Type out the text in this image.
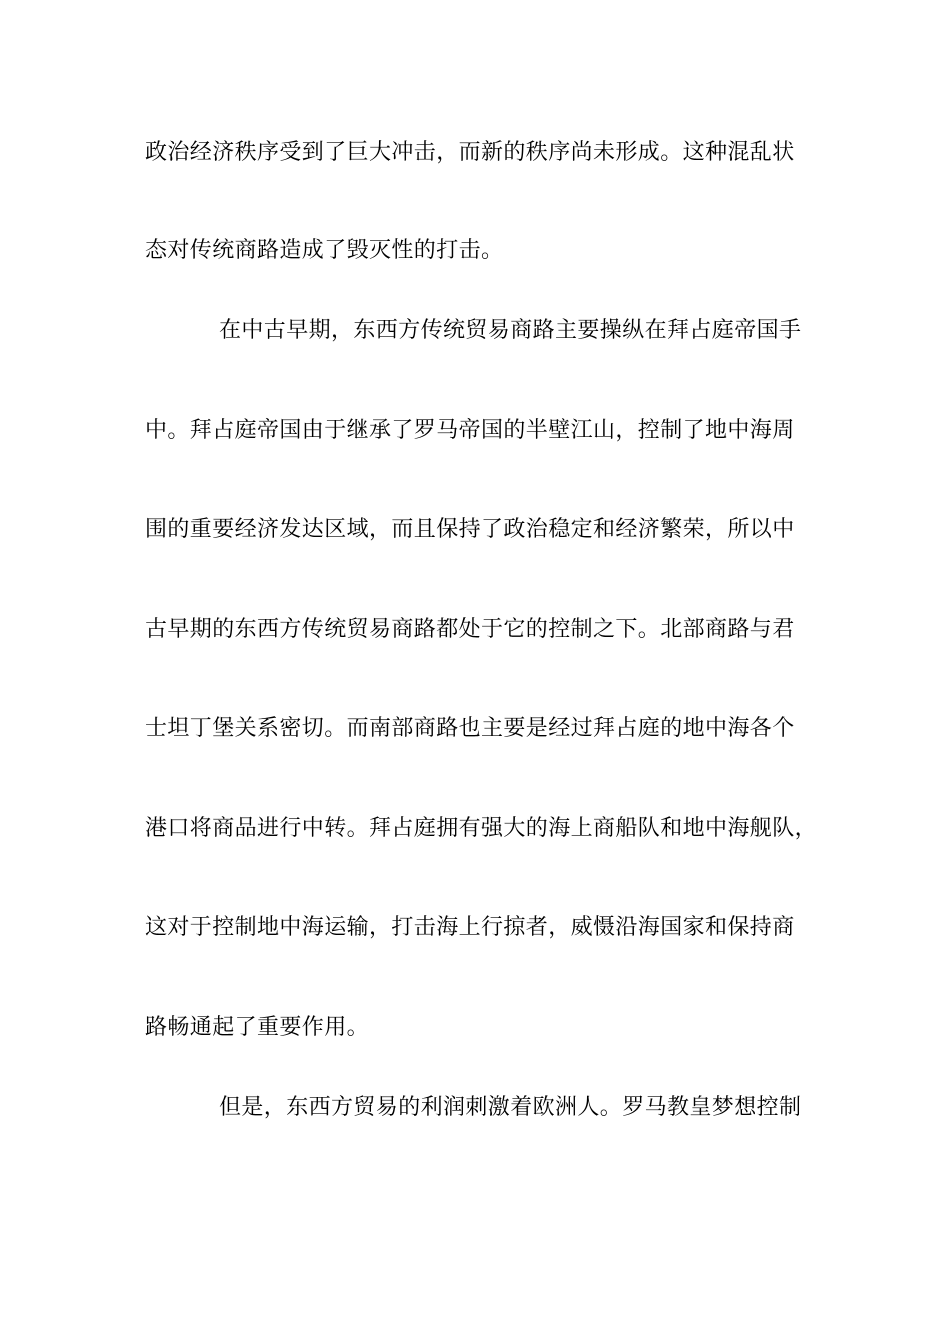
政治经济秩序受到了巨大冲击，而新的秩序尚未形成。这种混乱状
态对传统商路造成了毁灭性的打击。
在中古早期，东西方传统贸易商路主要操纵在拜占庭帝国手
中。拜占庭帝国由于继承了罗马帝国的半壁江山，控制了地中海周
围的重要经济发达区域，而且保持了政治稳定和经济繁荣，所以中
古早期的东西方传统贸易商路都处于它的控制之下。北部商路与君
士坦丁堡关系密切。而南部商路也主要是经过拜占庭的地中海各个
港口将商品进行中转。拜占庭拥有强大的海上商船队和地中海舰队，
这对于控制地中海运输，打击海上行掠者，威慑沿海国家和保持商
路畅通起了重要作用。
但是，东西方贸易的利润刺激着欧洲人。罗马教皇梦想控制
